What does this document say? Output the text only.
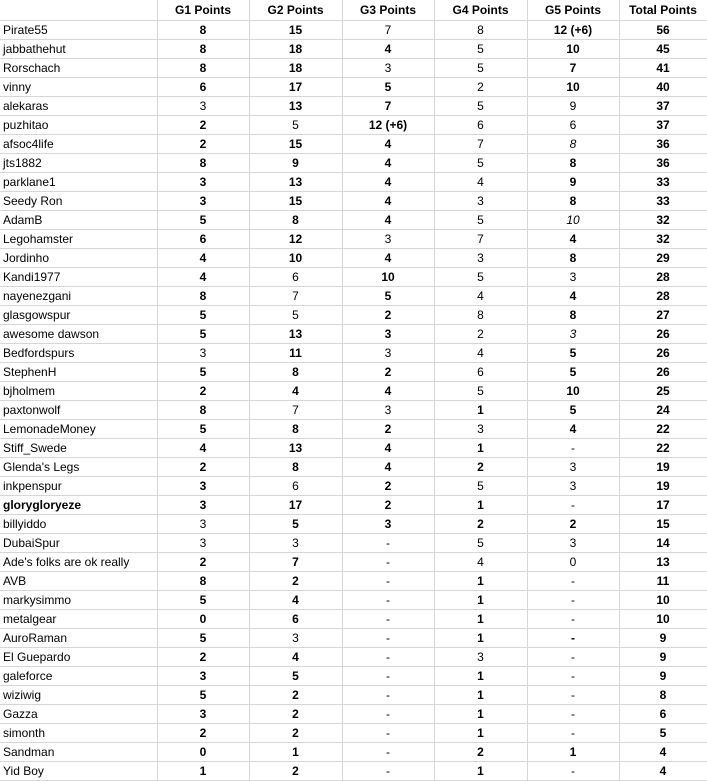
	G1 Points	G2 Points	G3 Points	G4 Points	G5 Points	Total Points
Pirate55	8	15	7	8	12 (+6)	56
jabbathehut	8	18	4	5	10	45
Rorschach	8	18	3	5	7	41
vinny	6	17	5	2	10	40
alekaras	3	13	7	5	9	37
puzhitao	2	5	12 (+6)	6	6	37
afsoc4life	2	15	4	7	8	36
jts1882	8	9	4	5	8	36
parklane1	3	13	4	4	9	33
Seedy Ron	3	15	4	3	8	33
AdamB	5	8	4	5	10	32
Legohamster	6	12	3	7	4	32
Jordinho	4	10	4	3	8	29
Kandi1977	4	6	10	5	3	28
nayenezgani	8	7	5	4	4	28
glasgowspur	5	5	2	8	8	27
awesome dawson	5	13	3	2	3	26
Bedfordspurs	3	11	3	4	5	26
StephenH	5	8	2	6	5	26
bjholmem	2	4	4	5	10	25
paxtonwolf	8	7	3	1	5	24
LemonadeMoney	5	8	2	3	4	22
Stiff_Swede	4	13	4	1	-	22
Glenda's Legs	2	8	4	2	3	19
inkpenspur	3	6	2	5	3	19
glorygloryeze	3	17	2	1	-	17
billyiddo	3	5	3	2	2	15
DubaiSpur	3	3	-	5	3	14
Ade's folks are ok really	2	7	-	4	0	13
AVB	8	2	-	1	-	11
markysimmo	5	4	-	1	-	10
metalgear	0	6	-	1	-	10
AuroRaman	5	3	-	1	-	9
El Guepardo	2	4	-	3	-	9
galeforce	3	5	-	1	-	9
wiziwig	5	2	-	1	-	8
Gazza	3	2	-	1	-	6
simonth	2	2	-	1	-	5
Sandman	0	1	-	2	1	4
Yid Boy	1	2	-	1	-	4
